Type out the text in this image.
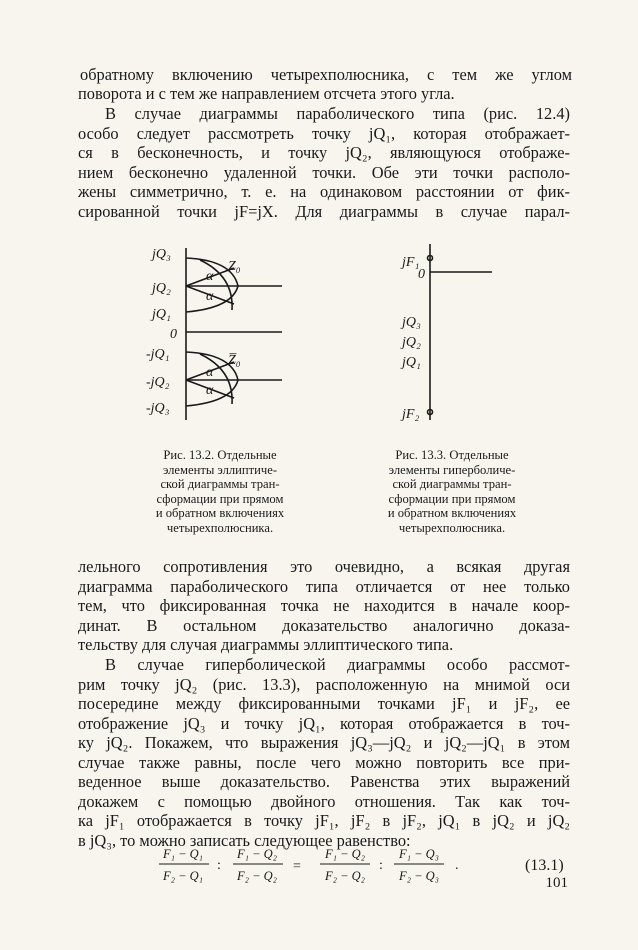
обратному включению четырехполюсника, с тем же углом
поворота и с тем же направлением отсчета этого угла.
В случае диаграммы параболического типа (рис. 12.4)
особо следует рассмотреть точку jQ₁, которая отображает-
ся в бесконечность, и точку jQ₂, являющуюся отображе-
нием бесконечно удаленной точки. Обе эти точки располо-
жены симметрично, т. е. на одинаковом расстоянии от фик-
сированной точки jF=jX. Для диаграммы в случае парал-
jQ₃
jQ₂
jQ₁
0
-jQ₁
-jQ₂
-jQ₃
α
α
α
α
Z₀
Z̅₀
Рис. 13.2. Отдельные
элементы эллиптиче-
ской диаграммы тран-
сформации при прямом
и обратном включениях
четырехполюсника.
jF₁
0
jQ₃
jQ₂
jQ₁
jF₂
Рис. 13.3. Отдельные
элементы гиперболиче-
ской диаграммы тран-
сформации при прямом
и обратном включениях
четырехполюсника.
лельного сопротивления это очевидно, а всякая другая
диаграмма параболического типа отличается от нее только
тем, что фиксированная точка не находится в начале коор-
динат. В остальном доказательство аналогично доказа-
тельству для случая диаграммы эллиптического типа.
В случае гиперболической диаграммы особо рассмот-
рим точку jQ₂ (рис. 13.3), расположенную на мнимой оси
посередине между фиксированными точками jF₁ и jF₂, ее
отображение jQ₃ и точку jQ₁, которая отображается в точ-
ку jQ₂. Покажем, что выражения jQ₃—jQ₂ и jQ₂—jQ₁ в этом
случае также равны, после чего можно повторить все при-
веденное выше доказательство. Равенства этих выражений
докажем с помощью двойного отношения. Так как точ-
ка jF₁ отображается в точку jF₁, jF₂ в jF₂, jQ₁ в jQ₂ и jQ₂
в jQ₃, то можно записать следующее равенство:
F₁ − Q₁
F₂ − Q₁
F₁ − Q₂
F₂ − Q₂
F₁ − Q₂
F₂ − Q₂
F₁ − Q₃
F₂ − Q₃
:	=	:	.	(13.1)
101
